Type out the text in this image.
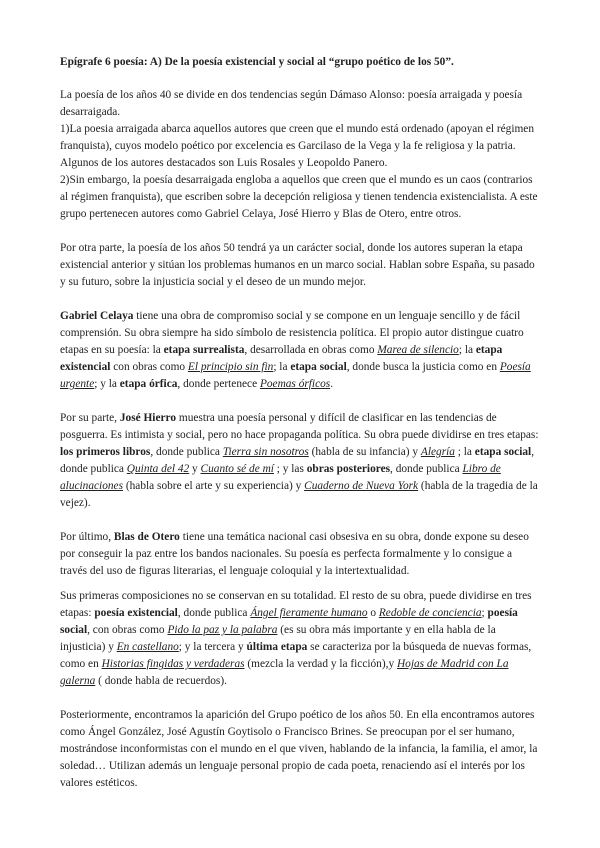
Epígrafe 6 poesía: A) De la poesía existencial y social al “grupo poético de los 50”.

La poesía de los años 40 se divide en dos tendencias según Dámaso Alonso: poesía arraigada y poesía desarraigada.

1)La poesia arraigada abarca aquellos autores que creen que el mundo está ordenado (apoyan el régimen franquista), cuyos modelo poético por excelencia es Garcilaso de la Vega y la fe religiosa y la patria. Algunos de los autores destacados son Luis Rosales y Leopoldo Panero.

2)Sin embargo, la poesía desarraigada engloba a aquellos que creen que el mundo es un caos (contrarios al régimen franquista), que escriben sobre la decepción religiosa y tienen tendencia existencialista. A este grupo pertenecen autores como Gabriel Celaya, José Hierro y Blas de Otero, entre otros.

Por otra parte, la poesía de los años 50 tendrá ya un carácter social, donde los autores superan la etapa existencial anterior y sitúan los problemas humanos en un marco social. Hablan sobre España, su pasado y su futuro, sobre la injusticia social y el deseo de un mundo mejor.

Gabriel Celaya tiene una obra de compromiso social y se compone en un lenguaje sencillo y de fácil comprensión. Su obra siempre ha sido símbolo de resistencia política. El propio autor distingue cuatro etapas en su poesía: la etapa surrealista, desarrollada en obras como Marea de silencio; la etapa existencial con obras como El principio sin fin; la etapa social, donde busca la justicia como en Poesía urgente; y la etapa órfica, donde pertenece Poemas órficos.

Por su parte, José Hierro muestra una poesía personal y difícil de clasificar en las tendencias de posguerra. Es intimista y social, pero no hace propaganda política. Su obra puede dividirse en tres etapas: los primeros libros, donde publica Tierra sin nosotros (habla de su infancia) y Alegría ; la etapa social, donde publica Quinta del 42 y Cuanto sé de mí ; y las obras posteriores, donde publica Libro de alucinaciones (habla sobre el arte y su experiencia) y Cuaderno de Nueva York (habla de la tragedia de la vejez).

Por último, Blas de Otero tiene una temática nacional casi obsesiva en su obra, donde expone su deseo por conseguir la paz entre los bandos nacionales. Su poesía es perfecta formalmente y lo consigue a través del uso de figuras literarias, el lenguaje coloquial y la intertextualidad.

Sus primeras composiciones no se conservan en su totalidad. El resto de su obra, puede dividirse en tres etapas: poesía existencial, donde publica Ángel fieramente humano o Redoble de conciencia; poesía social, con obras como Pido la paz y la palabra (es su obra más importante y en ella habla de la injusticia) y En castellano; y la tercera y última etapa se caracteriza por la búsqueda de nuevas formas, como en Historias fingidas y verdaderas (mezcla la verdad y la ficción),y Hojas de Madrid con La galerna ( donde habla de recuerdos).

Posteriormente, encontramos la aparición del Grupo poético de los años 50. En ella encontramos autores como Ángel González, José Agustín Goytisolo o Francisco Brines. Se preocupan por el ser humano, mostrándose inconformistas con el mundo en el que viven, hablando de la infancia, la familia, el amor, la soledad… Utilizan además un lenguaje personal propio de cada poeta, renaciendo así el interés por los valores estéticos.
